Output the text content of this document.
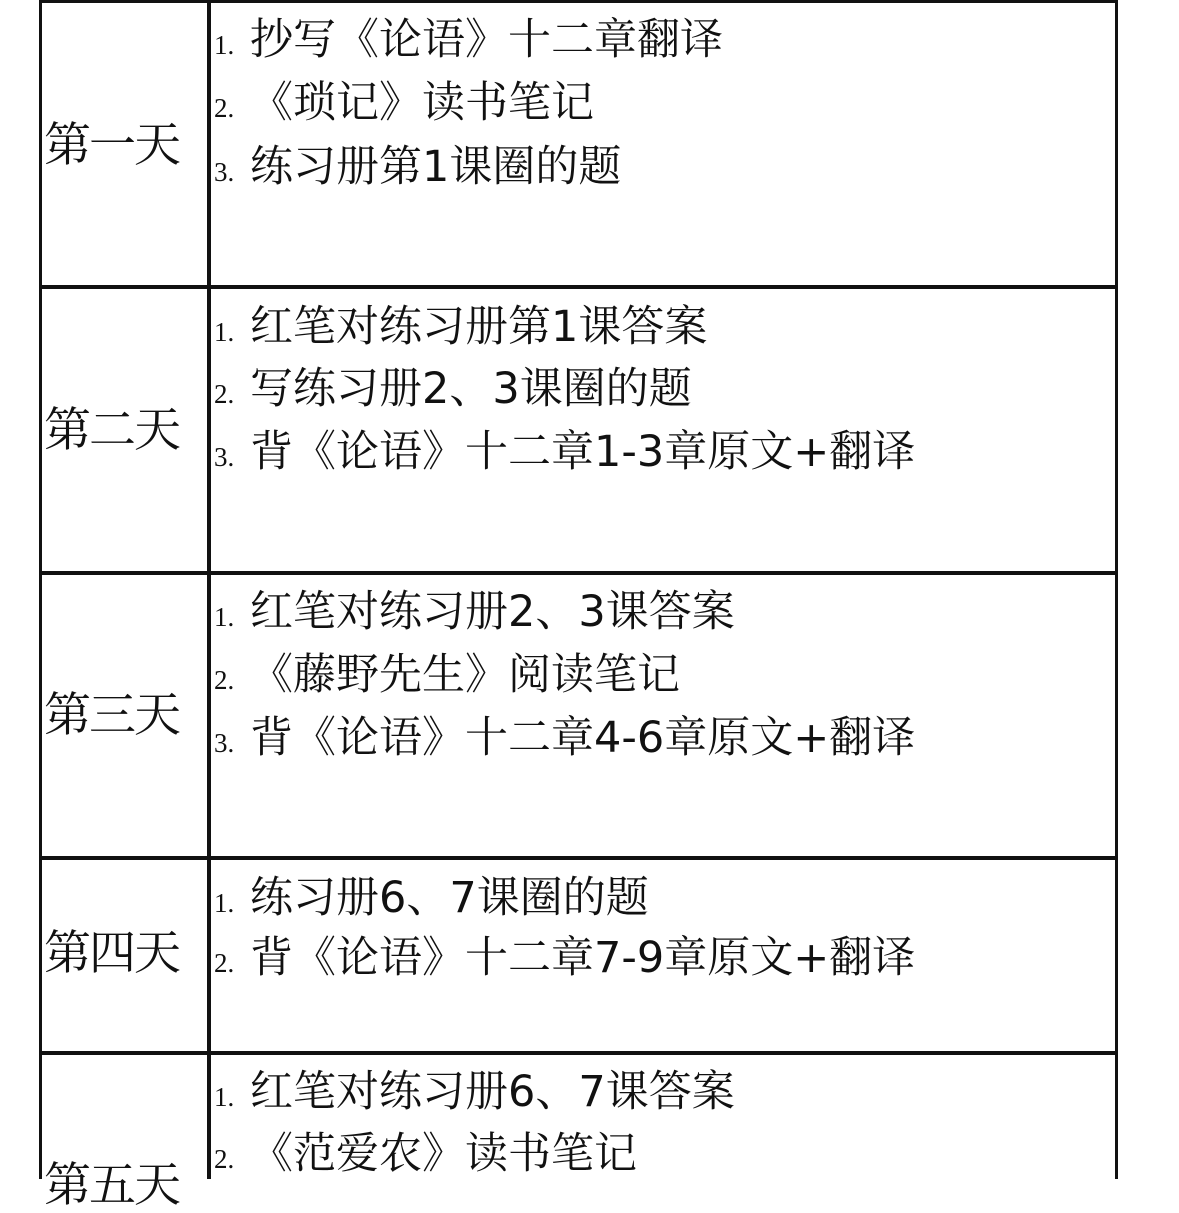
第一天
1. 抄写《论语》十二章翻译
2. 《琐记》读书笔记
3. 练习册第1课圈的题
第二天
1. 红笔对练习册第1课答案
2. 写练习册2、3课圈的题
3. 背《论语》十二章1-3章原文+翻译
第三天
1. 红笔对练习册2、3课答案
2. 《藤野先生》阅读笔记
3. 背《论语》十二章4-6章原文+翻译
第四天
1. 练习册6、7课圈的题
2. 背《论语》十二章7-9章原文+翻译
第五天
1. 红笔对练习册6、7课答案
2. 《范爱农》读书笔记
